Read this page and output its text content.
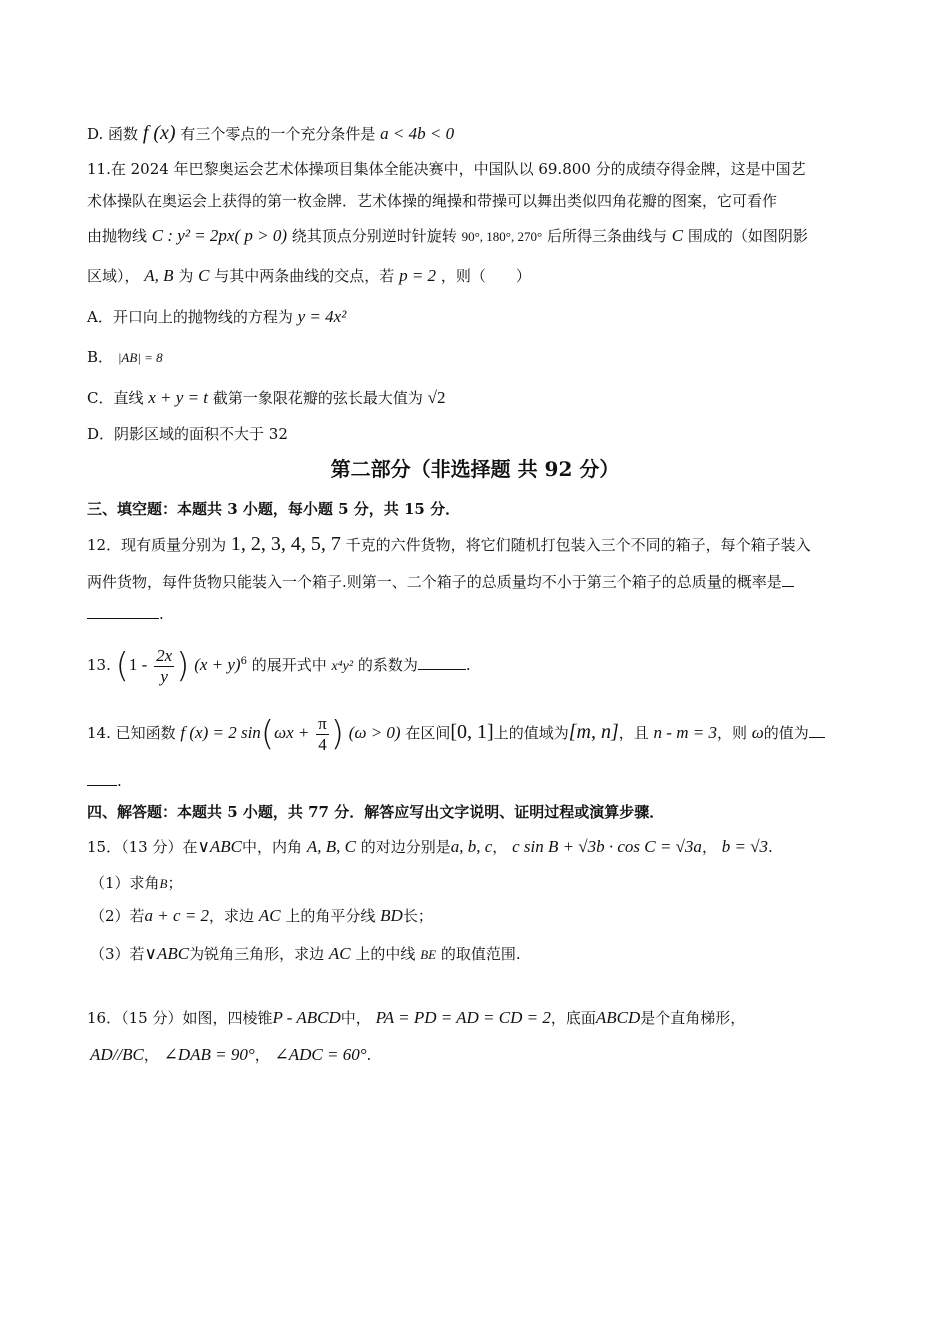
D. 函数 f (x) 有三个零点的一个充分条件是 a < 4b < 0
11.在 2024 年巴黎奥运会艺术体操项目集体全能决赛中，中国队以 69.800 分的成绩夺得金牌，这是中国艺
术体操队在奥运会上获得的第一枚金牌．艺术体操的绳操和带操可以舞出类似四角花瓣的图案，它可看作
由抛物线 C : y² = 2px( p > 0) 绕其顶点分别逆时针旋转 90°, 180°, 270° 后所得三条曲线与 C 围成的（如图阴影
区域）， A, B 为 C 与其中两条曲线的交点，若 p = 2 ，则（　　）
A．开口向上的抛物线的方程为 y = 4x²
B． |AB| = 8
C．直线 x + y = t 截第一象限花瓣的弦长最大值为 √2
D．阴影区域的面积不大于 32
第二部分（非选择题 共 92 分）
三、填空题：本题共 3 小题，每小题 5 分，共 15 分．
12．现有质量分别为 1, 2, 3, 4, 5, 7 千克的六件货物，将它们随机打包装入三个不同的箱子，每个箱子装入
两件货物，每件货物只能装入一个箱子.则第一、二个箱子的总质量均不小于第三个箱子的总质量的概率是
.
13. ($1 - \frac{2x}{y}$ ) $(x + y)^6$ 的展开式中 x⁴y² 的系数为	.
14. 已知函数 f (x) = 2 $\sin(\omega x + \frac{\pi}{4}$ ) (ω > 0) 在区间[0, 1]上的值域为[m, n]，且 n - m = 3，则 ω的值为
.
四、解答题：本题共 5 小题，共 77 分．解答应写出文字说明、证明过程或演算步骤．
15．（13 分）在∨ABC中，内角 A, B, C 的对边分别是a, b, c， c sin B + √3b · cos C = √3a， b = √3.
（1）求角B；
（2）若a + c = 2，求边 AC 上的角平分线 BD长；
（3）若∨ABC为锐角三角形，求边 AC 上的中线 BE 的取值范围.
16．（15 分）如图，四棱锥P - ABCD中， PA = PD = AD = CD = 2，底面ABCD是个直角梯形，
AD//BC， ∠DAB = 90°， ∠ADC = 60°.
